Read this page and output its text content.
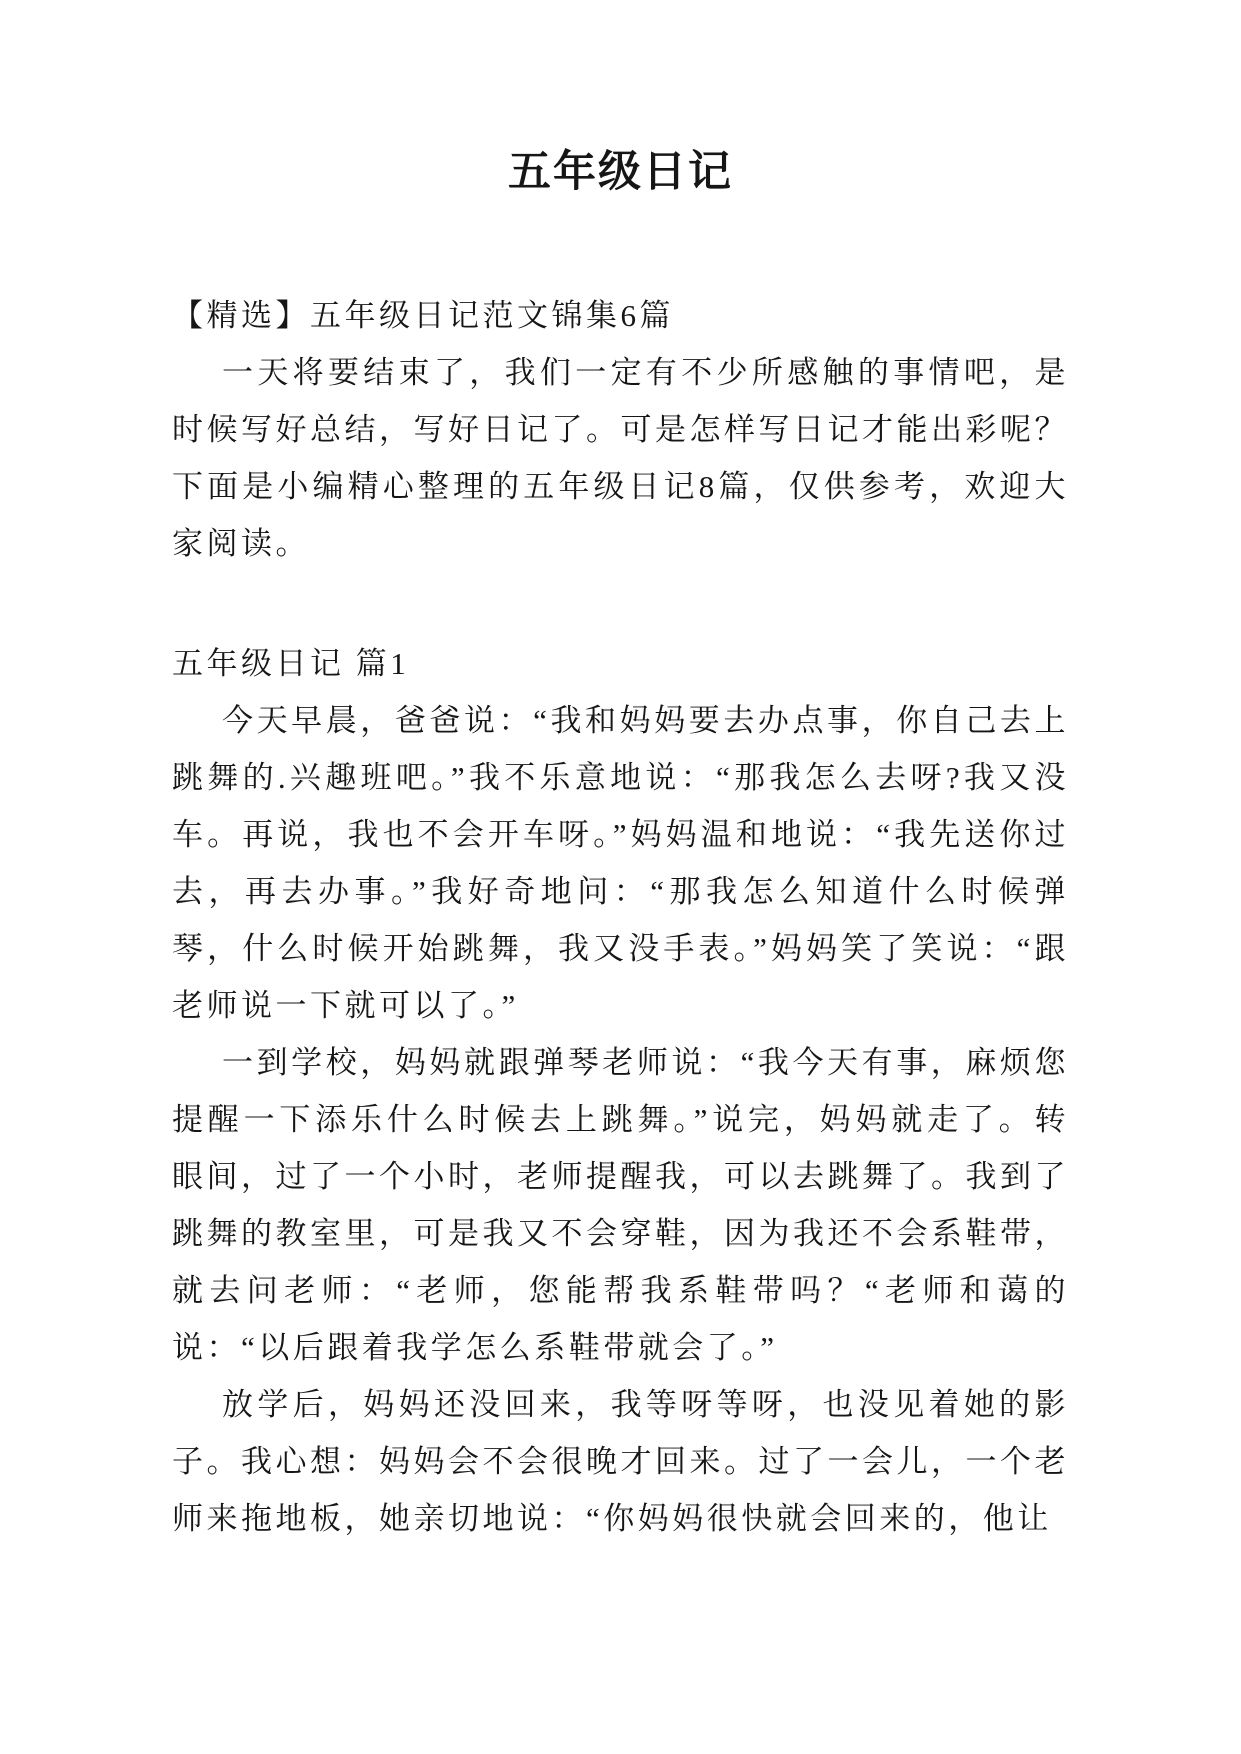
五年级日记

【精选】五年级日记范文锦集6篇

一天将要结束了，我们一定有不少所感触的事情吧，是时候写好总结，写好日记了。可是怎样写日记才能出彩呢？下面是小编精心整理的五年级日记8篇，仅供参考，欢迎大家阅读。

五年级日记 篇1

今天早晨，爸爸说：“我和妈妈要去办点事，你自己去上跳舞的.兴趣班吧。”我不乐意地说：“那我怎么去呀?我又没车。再说，我也不会开车呀。”妈妈温和地说：“我先送你过去，再去办事。”我好奇地问：“那我怎么知道什么时候弹琴，什么时候开始跳舞，我又没手表。”妈妈笑了笑说：“跟老师说一下就可以了。”

一到学校，妈妈就跟弹琴老师说：“我今天有事，麻烦您提醒一下添乐什么时候去上跳舞。”说完，妈妈就走了。转眼间，过了一个小时，老师提醒我，可以去跳舞了。我到了跳舞的教室里，可是我又不会穿鞋，因为我还不会系鞋带，就去问老师：“老师，您能帮我系鞋带吗？“老师和蔼的说：“以后跟着我学怎么系鞋带就会了。”

放学后，妈妈还没回来，我等呀等呀，也没见着她的影子。我心想：妈妈会不会很晚才回来。过了一会儿，一个老师来拖地板，她亲切地说：“你妈妈很快就会回来的，他让
